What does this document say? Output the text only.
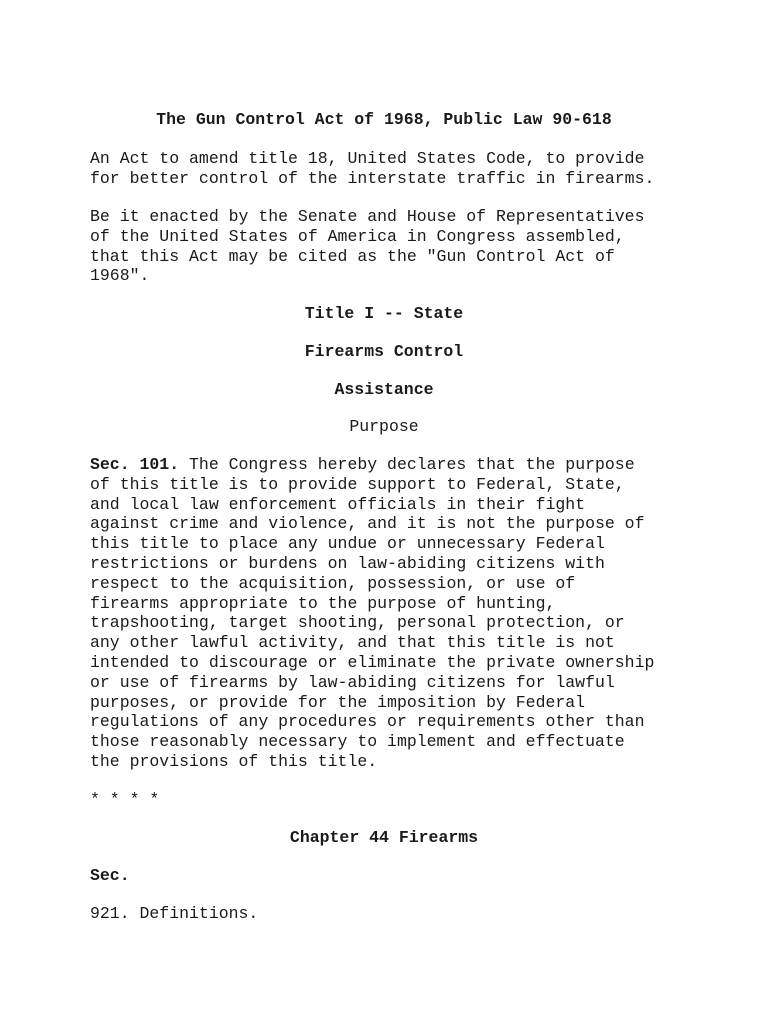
The Gun Control Act of 1968, Public Law 90-618

An Act to amend title 18, United States Code, to provide
for better control of the interstate traffic in firearms.

Be it enacted by the Senate and House of Representatives
of the United States of America in Congress assembled,
that this Act may be cited as the "Gun Control Act of
1968".

Title I -- State

Firearms Control

Assistance

Purpose

Sec. 101. The Congress hereby declares that the purpose
of this title is to provide support to Federal, State,
and local law enforcement officials in their fight
against crime and violence, and it is not the purpose of
this title to place any undue or unnecessary Federal
restrictions or burdens on law-abiding citizens with
respect to the acquisition, possession, or use of
firearms appropriate to the purpose of hunting,
trapshooting, target shooting, personal protection, or
any other lawful activity, and that this title is not
intended to discourage or eliminate the private ownership
or use of firearms by law-abiding citizens for lawful
purposes, or provide for the imposition by Federal
regulations of any procedures or requirements other than
those reasonably necessary to implement and effectuate
the provisions of this title.

* * * *

Chapter 44 Firearms

Sec.

921. Definitions.
